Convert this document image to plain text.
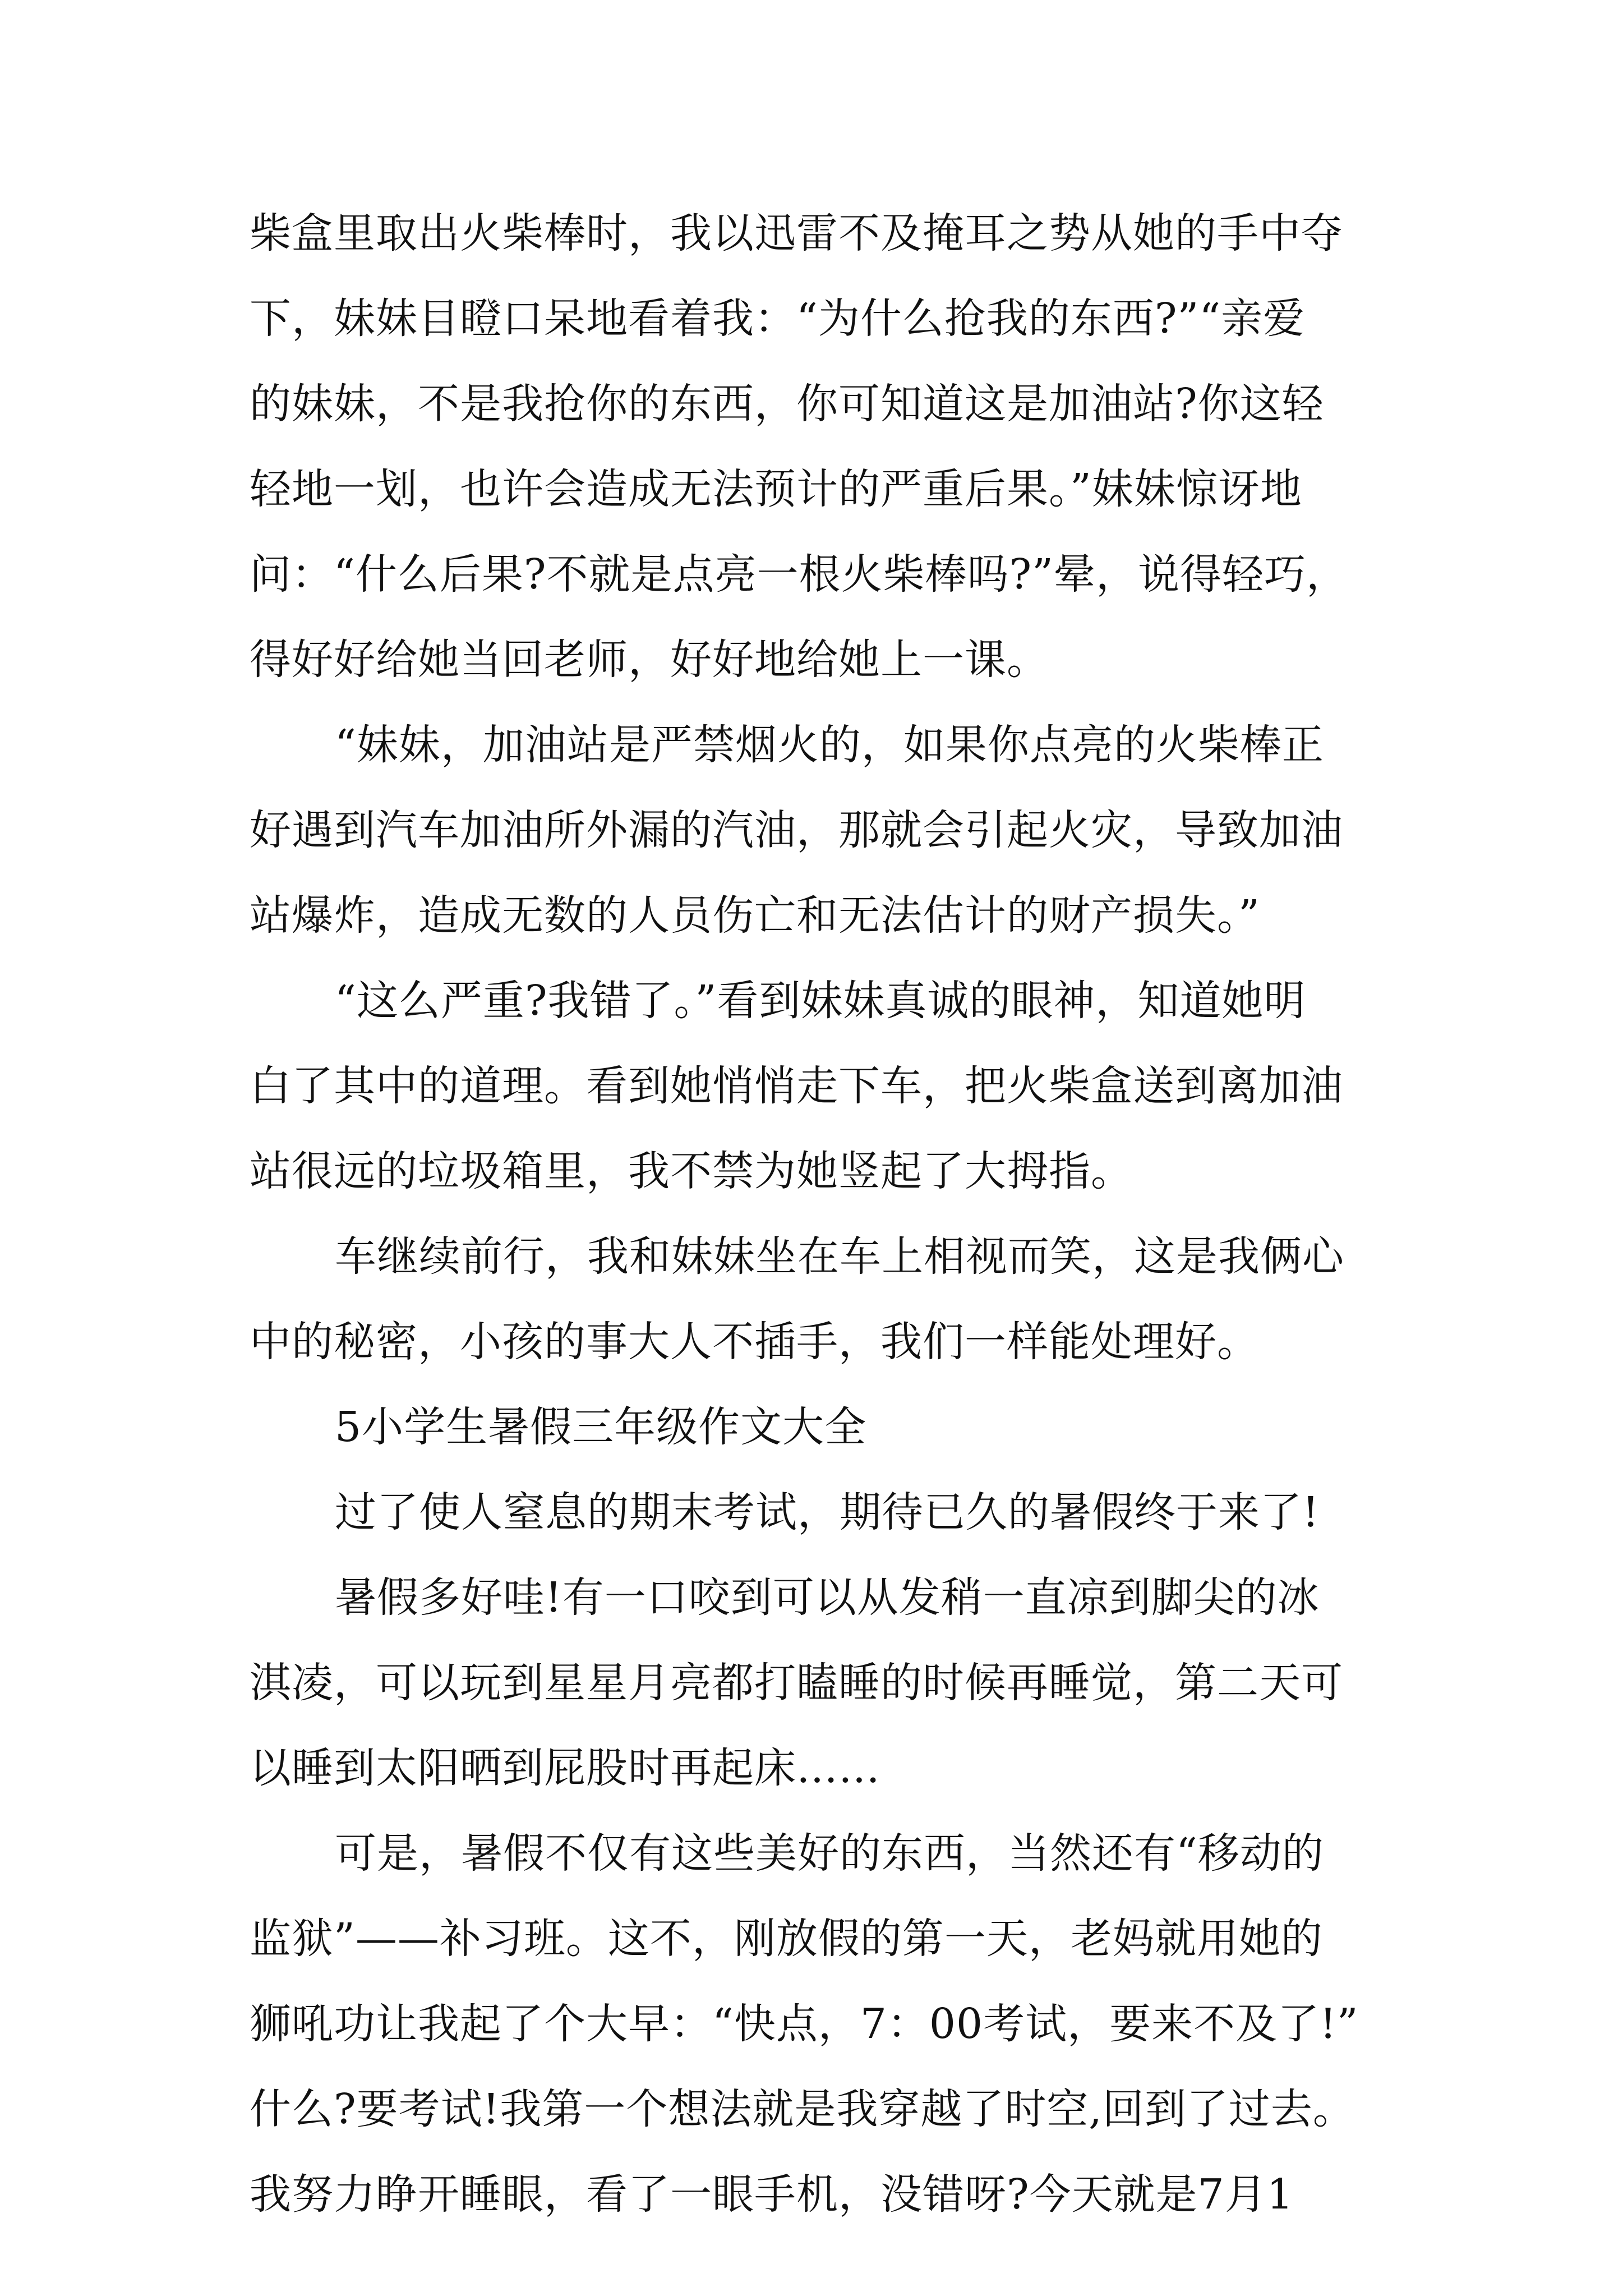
柴盒里取出火柴棒时，我以迅雷不及掩耳之势从她的手中夺
下，妹妹目瞪口呆地看着我：“为什么抢我的东西?”“亲爱
的妹妹，不是我抢你的东西，你可知道这是加油站?你这轻
轻地一划，也许会造成无法预计的严重后果。”妹妹惊讶地
问：“什么后果?不就是点亮一根火柴棒吗?”晕，说得轻巧，
得好好给她当回老师，好好地给她上一课。
“妹妹，加油站是严禁烟火的，如果你点亮的火柴棒正
好遇到汽车加油所外漏的汽油，那就会引起火灾，导致加油
站爆炸，造成无数的人员伤亡和无法估计的财产损失。”
“这么严重?我错了。”看到妹妹真诚的眼神，知道她明
白了其中的道理。看到她悄悄走下车，把火柴盒送到离加油
站很远的垃圾箱里，我不禁为她竖起了大拇指。
车继续前行，我和妹妹坐在车上相视而笑，这是我俩心
中的秘密，小孩的事大人不插手，我们一样能处理好。
5小学生暑假三年级作文大全
过了使人窒息的期末考试，期待已久的暑假终于来了!
暑假多好哇!有一口咬到可以从发稍一直凉到脚尖的冰
淇凌，可以玩到星星月亮都打瞌睡的时候再睡觉，第二天可
以睡到太阳晒到屁股时再起床……
可是，暑假不仅有这些美好的东西，当然还有“移动的
监狱”——补习班。这不，刚放假的第一天，老妈就用她的
狮吼功让我起了个大早：“快点，7：00考试，要来不及了!”
什么?要考试!我第一个想法就是我穿越了时空,回到了过去。
我努力睁开睡眼，看了一眼手机，没错呀?今天就是7月1
